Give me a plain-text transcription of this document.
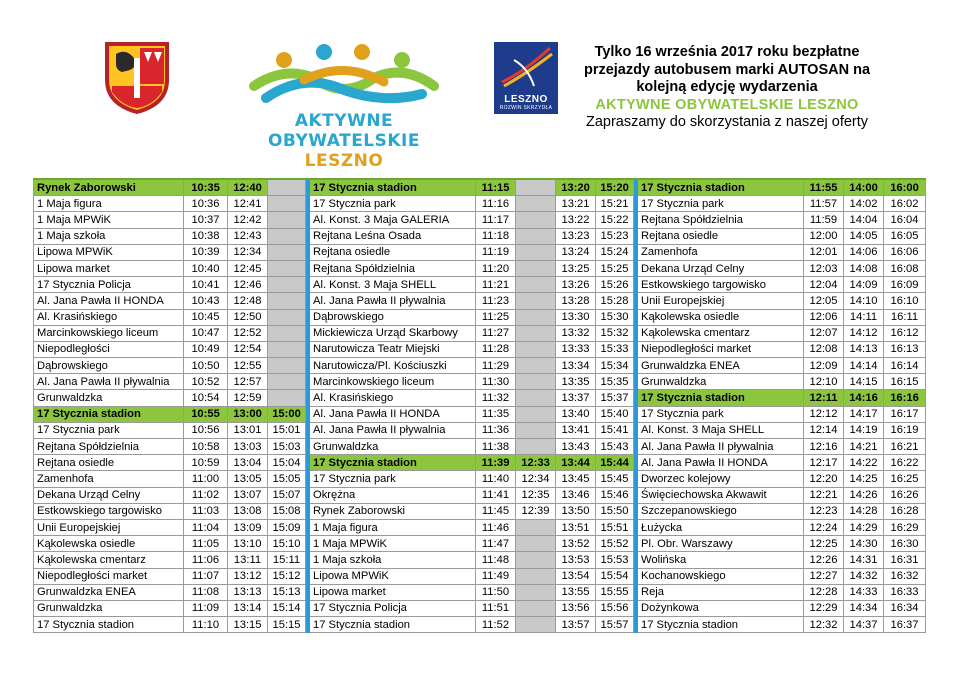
AKTYWNE
OBYWATELSKIE
LESZNO
LESZNO
ROZWIN SKRZYDŁA
Tylko 16 września 2017 roku bezpłatne
przejazdy autobusem marki AUTOSAN na
kolejną edycję wydarzenia
AKTYWNE OBYWATELSKIE LESZNO
Zapraszamy do skorzystania z naszej oferty
Rynek Zaborowski	10:35	12:40			17 Stycznia stadion	11:15		13:20	15:20		17 Stycznia stadion	11:55	14:00	16:00
1 Maja figura	10:36	12:41			17 Stycznia park	11:16		13:21	15:21		17 Stycznia park	11:57	14:02	16:02
1 Maja MPWiK	10:37	12:42			Al. Konst. 3 Maja GALERIA	11:17		13:22	15:22		Rejtana Spółdzielnia	11:59	14:04	16:04
1 Maja szkoła	10:38	12:43			Rejtana Leśna Osada	11:18		13:23	15:23		Rejtana osiedle	12:00	14:05	16:05
Lipowa MPWiK	10:39	12:34			Rejtana osiedle	11:19		13:24	15:24		Zamenhofa	12:01	14:06	16:06
Lipowa market	10:40	12:45			Rejtana Spółdzielnia	11:20		13:25	15:25		Dekana Urząd Celny	12:03	14:08	16:08
17 Stycznia Policja	10:41	12:46			Al. Konst. 3 Maja SHELL	11:21		13:26	15:26		Estkowskiego targowisko	12:04	14:09	16:09
Al. Jana Pawła II HONDA	10:43	12:48			Al. Jana Pawła II pływalnia	11:23		13:28	15:28		Unii Europejskiej	12:05	14:10	16:10
Al. Krasińskiego	10:45	12:50			Dąbrowskiego	11:25		13:30	15:30		Kąkolewska osiedle	12:06	14:11	16:11
Marcinkowskiego liceum	10:47	12:52			Mickiewicza Urząd Skarbowy	11:27		13:32	15:32		Kąkolewska cmentarz	12:07	14:12	16:12
Niepodległości	10:49	12:54			Narutowicza Teatr Miejski	11:28		13:33	15:33		Niepodległości market	12:08	14:13	16:13
Dąbrowskiego	10:50	12:55			Narutowicza/Pl. Kościuszki	11:29		13:34	15:34		Grunwaldzka ENEA	12:09	14:14	16:14
Al. Jana Pawła II pływalnia	10:52	12:57			Marcinkowskiego liceum	11:30		13:35	15:35		Grunwaldzka	12:10	14:15	16:15
Grunwaldzka	10:54	12:59			Al. Krasińskiego	11:32		13:37	15:37		17 Stycznia stadion	12:11	14:16	16:16
17 Stycznia stadion	10:55	13:00	15:00		Al. Jana Pawła II HONDA	11:35		13:40	15:40		17 Stycznia park	12:12	14:17	16:17
17 Stycznia park	10:56	13:01	15:01		Al. Jana Pawła II pływalnia	11:36		13:41	15:41		Al. Konst. 3 Maja SHELL	12:14	14:19	16:19
Rejtana Spółdzielnia	10:58	13:03	15:03		Grunwaldzka	11:38		13:43	15:43		Al. Jana Pawła II pływalnia	12:16	14:21	16:21
Rejtana osiedle	10:59	13:04	15:04		17 Stycznia stadion	11:39	12:33	13:44	15:44		Al. Jana Pawła II HONDA	12:17	14:22	16:22
Zamenhofa	11:00	13:05	15:05		17 Stycznia park	11:40	12:34	13:45	15:45		Dworzec kolejowy	12:20	14:25	16:25
Dekana Urząd Celny	11:02	13:07	15:07		Okrężna	11:41	12:35	13:46	15:46		Święciechowska Akwawit	12:21	14:26	16:26
Estkowskiego targowisko	11:03	13:08	15:08		Rynek Zaborowski	11:45	12:39	13:50	15:50		Szczepanowskiego	12:23	14:28	16:28
Unii Europejskiej	11:04	13:09	15:09		1 Maja figura	11:46		13:51	15:51		Łużycka	12:24	14:29	16:29
Kąkolewska osiedle	11:05	13:10	15:10		1 Maja MPWiK	11:47		13:52	15:52		Pl. Obr. Warszawy	12:25	14:30	16:30
Kąkolewska cmentarz	11:06	13:11	15:11		1 Maja szkoła	11:48		13:53	15:53		Wolińska	12:26	14:31	16:31
Niepodległości market	11:07	13:12	15:12		Lipowa MPWiK	11:49		13:54	15:54		Kochanowskiego	12:27	14:32	16:32
Grunwaldzka ENEA	11:08	13:13	15:13		Lipowa market	11:50		13:55	15:55		Reja	12:28	14:33	16:33
Grunwaldzka	11:09	13:14	15:14		17 Stycznia Policja	11:51		13:56	15:56		Dożynkowa	12:29	14:34	16:34
17 Stycznia stadion	11:10	13:15	15:15		17 Stycznia stadion	11:52		13:57	15:57		17 Stycznia stadion	12:32	14:37	16:37
